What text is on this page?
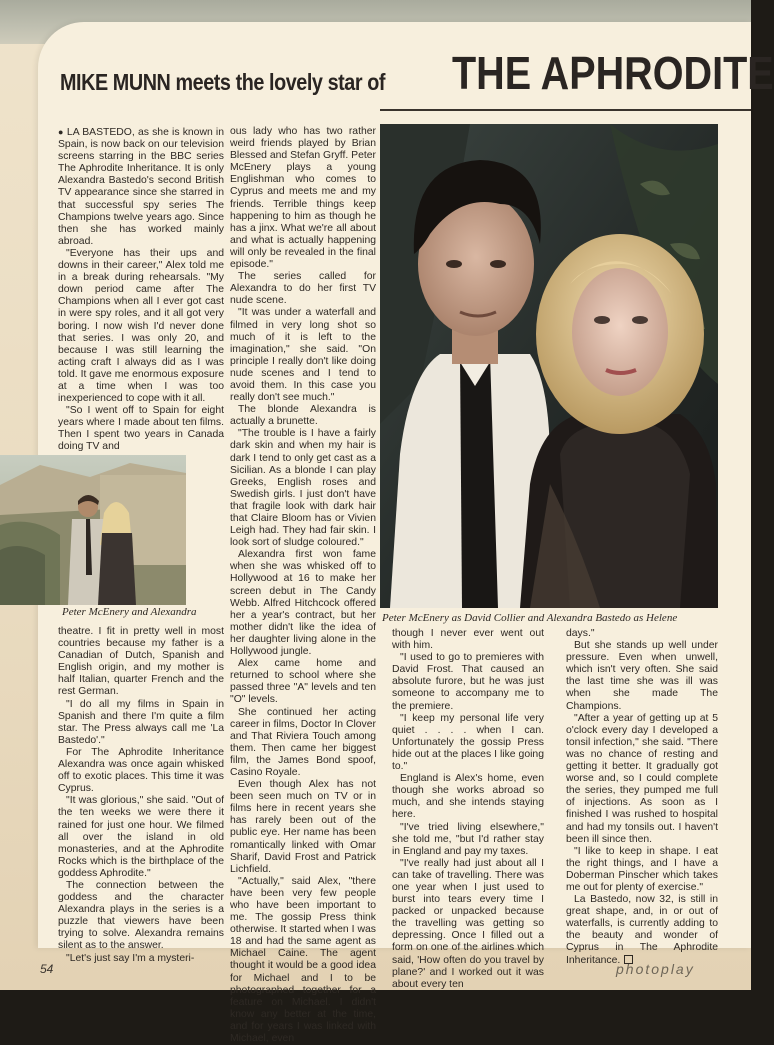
MIKE MUNN meets the lovely star of	THE APHRODITE

● LA BASTEDO, as she is known in Spain, is now back on our television screens starring in the BBC series The Aphrodite Inheritance. It is only Alexandra Bastedo's second British TV appearance since she starred in that successful spy series The Champions twelve years ago. Since then she has worked mainly abroad.

"Everyone has their ups and downs in their career," Alex told me in a break during rehearsals. "My down period came after The Champions when all I ever got cast in were spy roles, and it all got very boring. I now wish I'd never done that series. I was only 20, and because I was still learning the acting craft I always did as I was told. It gave me enormous exposure at a time when I was too inexperienced to cope with it all.

"So I went off to Spain for eight years where I made about ten films. Then I spent two years in Canada doing TV and

Peter McEnery and Alexandra

theatre. I fit in pretty well in most countries because my father is a Canadian of Dutch, Spanish and English origin, and my mother is half Italian, quarter French and the rest German.

"I do all my films in Spain in Spanish and there I'm quite a film star. The Press always call me 'La Bastedo'."

For The Aphrodite Inheritance Alexandra was once again whisked off to exotic places. This time it was Cyprus.

"It was glorious," she said. "Out of the ten weeks we were there it rained for just one hour. We filmed all over the island in old monasteries, and at the Aphrodite Rocks which is the birthplace of the goddess Aphrodite."

The connection between the goddess and the character Alexandra plays in the series is a puzzle that viewers have been trying to solve. Alexandra remains silent as to the answer.

"Let's just say I'm a mysteri-

ous lady who has two rather weird friends played by Brian Blessed and Stefan Gryff. Peter McEnery plays a young Englishman who comes to Cyprus and meets me and my friends. Terrible things keep happening to him as though he has a jinx. What we're all about and what is actually happening will only be revealed in the final episode."

The series called for Alexandra to do her first TV nude scene.

"It was under a waterfall and filmed in very long shot so much of it is left to the imagination," she said. "On principle I really don't like doing nude scenes and I tend to avoid them. In this case you really don't see much."

The blonde Alexandra is actually a brunette.

"The trouble is I have a fairly dark skin and when my hair is dark I tend to only get cast as a Sicilian. As a blonde I can play Greeks, English roses and Swedish girls. I just don't have that fragile look with dark hair that Claire Bloom has or Vivien Leigh had. They had fair skin. I look sort of sludge coloured."

Alexandra first won fame when she was whisked off to Hollywood at 16 to make her screen debut in The Candy Webb. Alfred Hitchcock offered her a year's contract, but her mother didn't like the idea of her daughter living alone in the Hollywood jungle.

Alex came home and returned to school where she passed three "A" levels and ten "O" levels.

She continued her acting career in films, Doctor In Clover and That Riviera Touch among them. Then came her biggest film, the James Bond spoof, Casino Royale.

Even though Alex has not been seen much on TV or in films here in recent years she has rarely been out of the public eye. Her name has been romantically linked with Omar Sharif, David Frost and Patrick Lichfield.

"Actually," said Alex, "there have been very few people who have been important to me. The gossip Press think otherwise. It started when I was 18 and had the same agent as Michael Caine. The agent thought it would be a good idea for Michael and I to be photographed together for a feature on Michael. I didn't know any better at the time, and for years I was linked with Michael, even

Peter McEnery as David Collier and Alexandra Bastedo as Helene

though I never ever went out with him.

"I used to go to premieres with David Frost. That caused an absolute furore, but he was just someone to accompany me to the premiere.

"I keep my personal life very quiet . . . . when I can. Unfortunately the gossip Press hide out at the places I like going to."

England is Alex's home, even though she works abroad so much, and she intends staying here.

"I've tried living elsewhere," she told me, "but I'd rather stay in England and pay my taxes.

"I've really had just about all I can take of travelling. There was one year when I just used to burst into tears every time I packed or unpacked because the travelling was getting so depressing. Once I filled out a form on one of the airlines which said, 'How often do you travel by plane?' and I worked out it was about every ten

days."

But she stands up well under pressure. Even when unwell, which isn't very often. She said the last time she was ill was when she made The Champions.

"After a year of getting up at 5 o'clock every day I developed a tonsil infection," she said. "There was no chance of resting and getting it better. It gradually got worse and, so I could complete the series, they pumped me full of injections. As soon as I finished I was rushed to hospital and had my tonsils out. I haven't been ill since then.

"I like to keep in shape. I eat the right things, and I have a Doberman Pinscher which takes me out for plenty of exercise."

La Bastedo, now 32, is still in great shape, and, in or out of waterfalls, is currently adding to the beauty and wonder of Cyprus in The Aphrodite Inheritance.

54	photoplay
